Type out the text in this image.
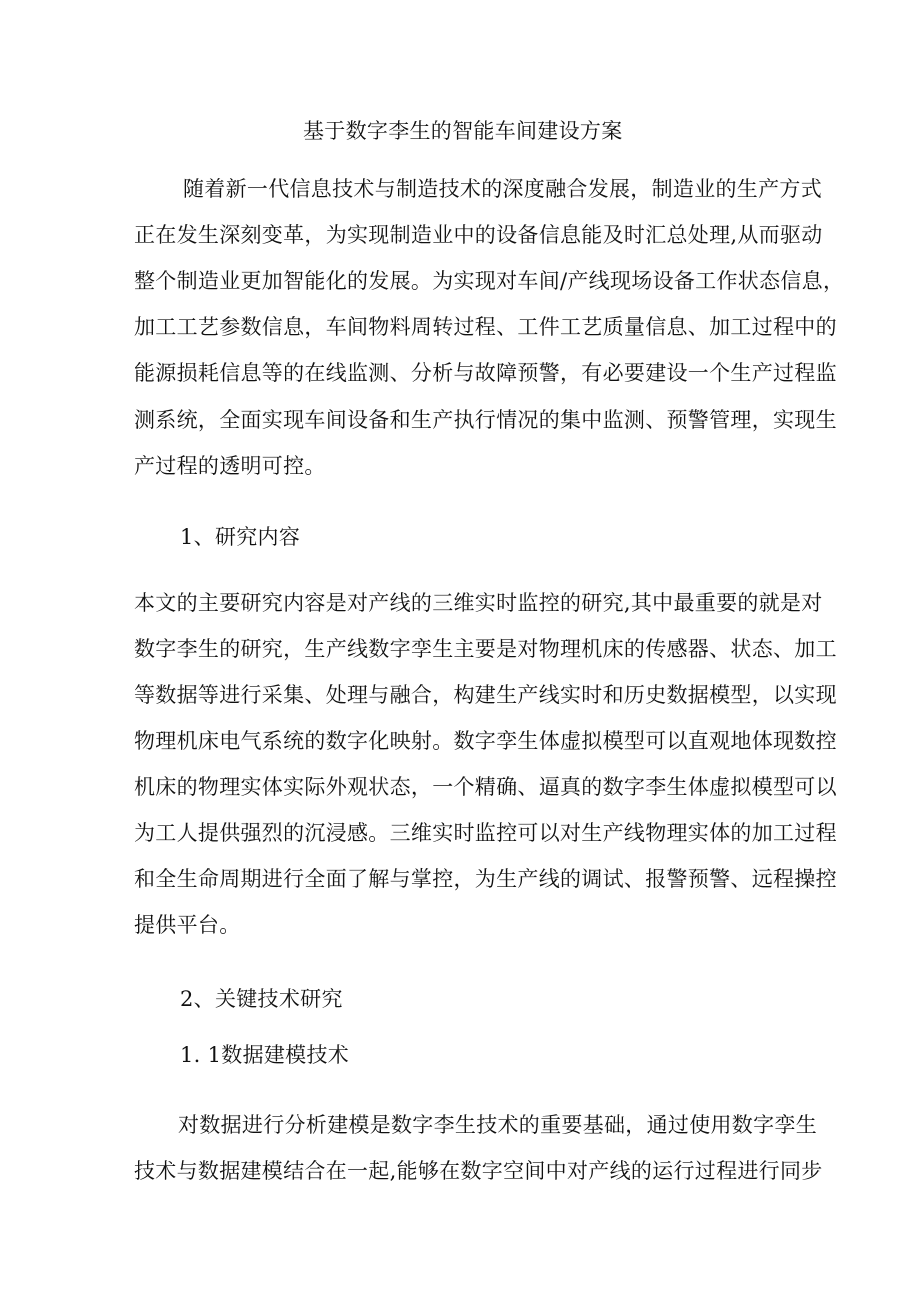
基于数字李生的智能车间建设方案
随着新一代信息技术与制造技术的深度融合发展，制造业的生产方式
正在发生深刻变革，为实现制造业中的设备信息能及时汇总处理,从而驱动
整个制造业更加智能化的发展。为实现对车间/产线现场设备工作状态信息，
加工工艺参数信息，车间物料周转过程、工件工艺质量信息、加工过程中的
能源损耗信息等的在线监测、分析与故障预警，有必要建设一个生产过程监
测系统，全面实现车间设备和生产执行情况的集中监测、预警管理，实现生
产过程的透明可控。
1、研究内容
本文的主要研究内容是对产线的三维实时监控的研究,其中最重要的就是对
数字李生的研究，生产线数字孪生主要是对物理机床的传感器、状态、加工
等数据等进行采集、处理与融合，构建生产线实时和历史数据模型，以实现
物理机床电气系统的数字化映射。数字孪生体虚拟模型可以直观地体现数控
机床的物理实体实际外观状态，一个精确、逼真的数字李生体虚拟模型可以
为工人提供强烈的沉浸感。三维实时监控可以对生产线物理实体的加工过程
和全生命周期进行全面了解与掌控，为生产线的调试、报警预警、远程操控
提供平台。
2、关键技术研究
1. 1数据建模技术
对数据进行分析建模是数字李生技术的重要基础，通过使用数字孪生
技术与数据建模结合在一起,能够在数字空间中对产线的运行过程进行同步
